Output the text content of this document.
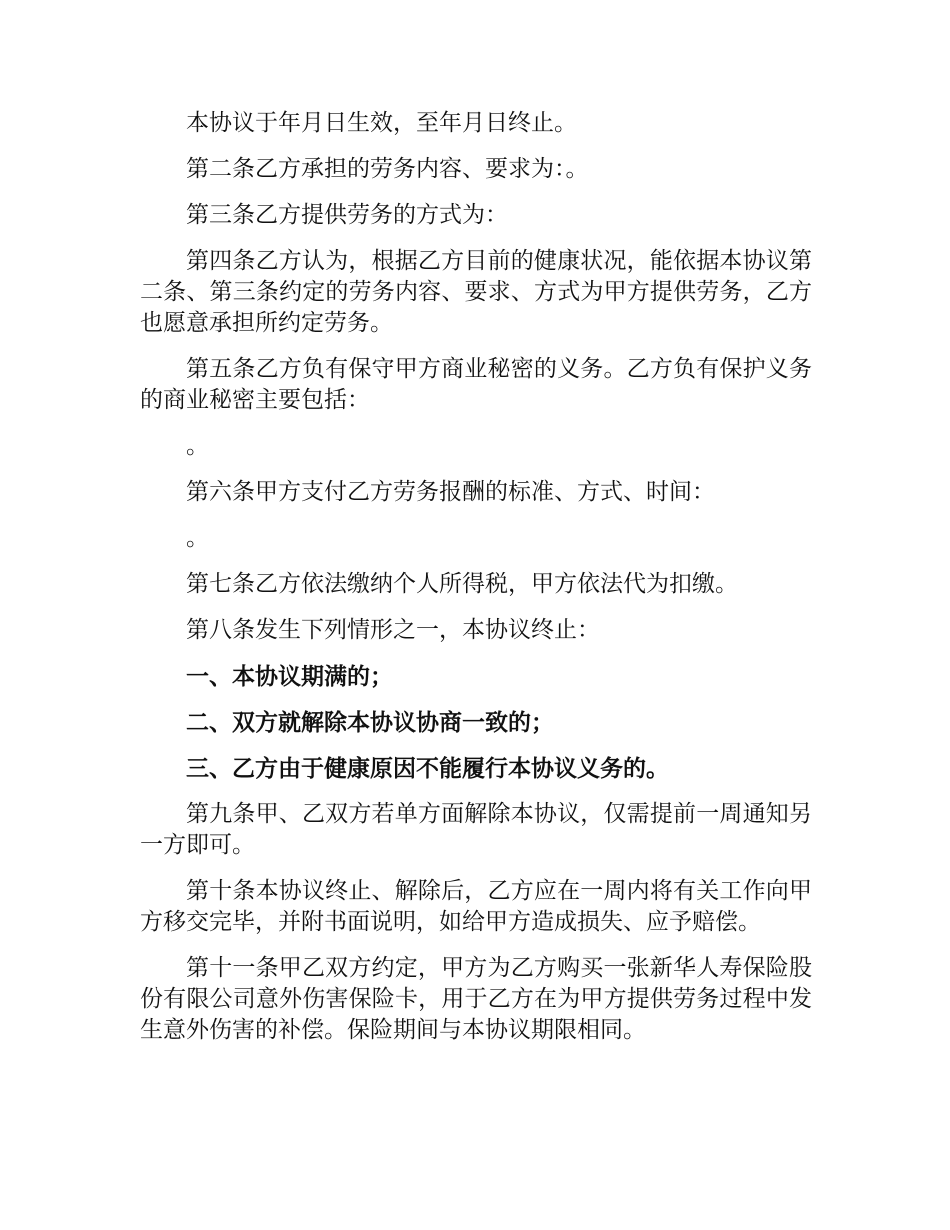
本协议于年月日生效，至年月日终止。

第二条乙方承担的劳务内容、要求为：。

第三条乙方提供劳务的方式为：

第四条乙方认为，根据乙方目前的健康状况，能依据本协议第二条、第三条约定的劳务内容、要求、方式为甲方提供劳务，乙方也愿意承担所约定劳务。

第五条乙方负有保守甲方商业秘密的义务。乙方负有保护义务的商业秘密主要包括：

。

第六条甲方支付乙方劳务报酬的标准、方式、时间：

。

第七条乙方依法缴纳个人所得税，甲方依法代为扣缴。

第八条发生下列情形之一，本协议终止：

一、本协议期满的；

二、双方就解除本协议协商一致的；

三、乙方由于健康原因不能履行本协议义务的。

第九条甲、乙双方若单方面解除本协议，仅需提前一周通知另一方即可。

第十条本协议终止、解除后，乙方应在一周内将有关工作向甲方移交完毕，并附书面说明，如给甲方造成损失、应予赔偿。

第十一条甲乙双方约定，甲方为乙方购买一张新华人寿保险股份有限公司意外伤害保险卡，用于乙方在为甲方提供劳务过程中发生意外伤害的补偿。保险期间与本协议期限相同。
